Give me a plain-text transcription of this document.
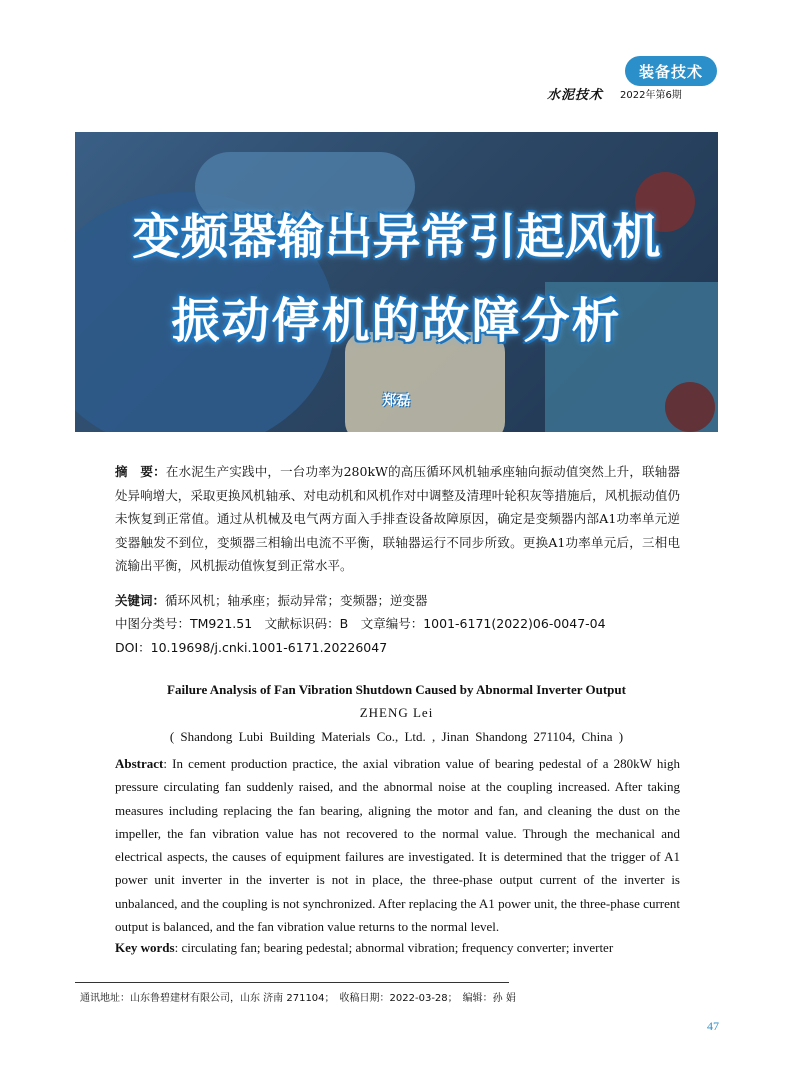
装备技术
水泥技术 2022年第6期
变频器输出异常引起风机
振动停机的故障分析
郑磊
摘　要：在水泥生产实践中，一台功率为280kW的高压循环风机轴承座轴向振动值突然上升，联轴器处异响增大，采取更换风机轴承、对电动机和风机作对中调整及清理叶轮积灰等措施后，风机振动值仍未恢复到正常值。通过从机械及电气两方面入手排查设备故障原因，确定是变频器内部A1功率单元逆变器触发不到位，变频器三相输出电流不平衡，联轴器运行不同步所致。更换A1功率单元后，三相电流输出平衡，风机振动值恢复到正常水平。
关键词：循环风机；轴承座；振动异常；变频器；逆变器
中图分类号：TM921.51　文献标识码：B　文章编号：1001-6171(2022)06-0047-04
DOI：10.19698/j.cnki.1001-6171.20226047
Failure Analysis of Fan Vibration Shutdown Caused by Abnormal Inverter Output
ZHENG Lei
( Shandong Lubi Building Materials Co., Ltd. , Jinan Shandong 271104, China )
Abstract: In cement production practice, the axial vibration value of bearing pedestal of a 280kW high pressure circulating fan suddenly raised, and the abnormal noise at the coupling increased. After taking measures including replacing the fan bearing, aligning the motor and fan, and cleaning the dust on the impeller, the fan vibration value has not recovered to the normal value. Through the mechanical and electrical aspects, the causes of equipment failures are investigated. It is determined that the trigger of A1 power unit inverter in the inverter is not in place, the three-phase output current of the inverter is unbalanced, and the coupling is not synchronized. After replacing the A1 power unit, the three-phase current output is balanced, and the fan vibration value returns to the normal level.
Key words: circulating fan; bearing pedestal; abnormal vibration; frequency converter; inverter
通讯地址：山东鲁碧建材有限公司，山东 济南 271104；　收稿日期：2022-03-28；　编辑：孙 娟
47
